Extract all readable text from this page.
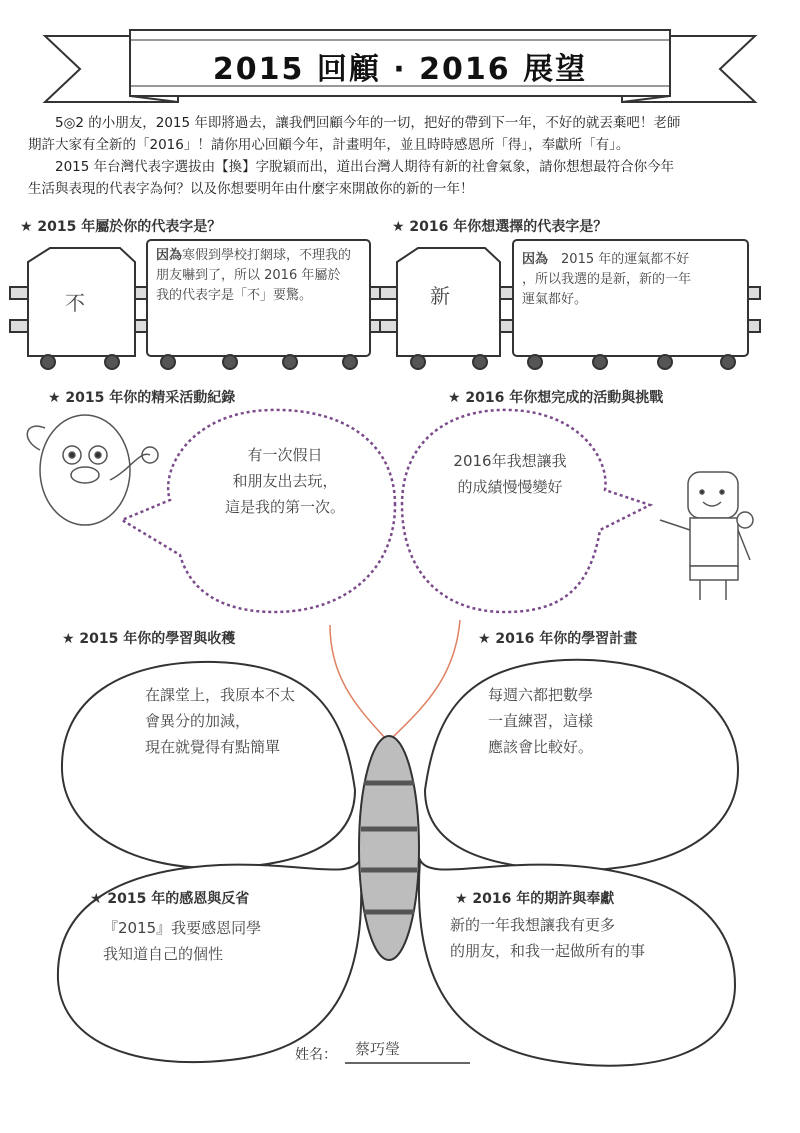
2015 回顧 · 2016 展望
　　5◎2 的小朋友，2015 年即將過去，讓我們回顧今年的一切，把好的帶到下一年，不好的就丟棄吧！老師
期許大家有全新的「2016」！請你用心回顧今年，計畫明年，並且時時感恩所「得」，奉獻所「有」。
　　2015 年台灣代表字選拔由【換】字脫穎而出，道出台灣人期待有新的社會氣象，請你想想最符合你今年
生活與表現的代表字為何？以及你想要明年由什麼字來開啟你的新的一年！
★ 2015 年屬於你的代表字是？	★ 2016 年你想選擇的代表字是？
不	新
因為寒假到學校打網球，不理我的
朋友嚇到了，所以 2016 年屬於
我的代表字是「不」要驚。
因為　 2015 年的運氣都不好
，所以我選的是新，新的一年
運氣都好。
★ 2015 年你的精采活動紀錄	★ 2016 年你想完成的活動與挑戰
有一次假日
和朋友出去玩，
這是我的第一次。
2016年我想讓我
的成績慢慢變好
★ 2015 年你的學習與收穫	★ 2016 年你的學習計畫
在課堂上，我原本不太
會異分的加減，
現在就覺得有點簡單
每週六都把數學
一直練習，這樣
應該會比較好。
★ 2015 年的感恩與反省	★ 2016 年的期許與奉獻
『2015』我要感恩同學
我知道自己的個性
新的一年我想讓我有更多
的朋友，和我一起做所有的事
姓名： 蔡巧瑩
